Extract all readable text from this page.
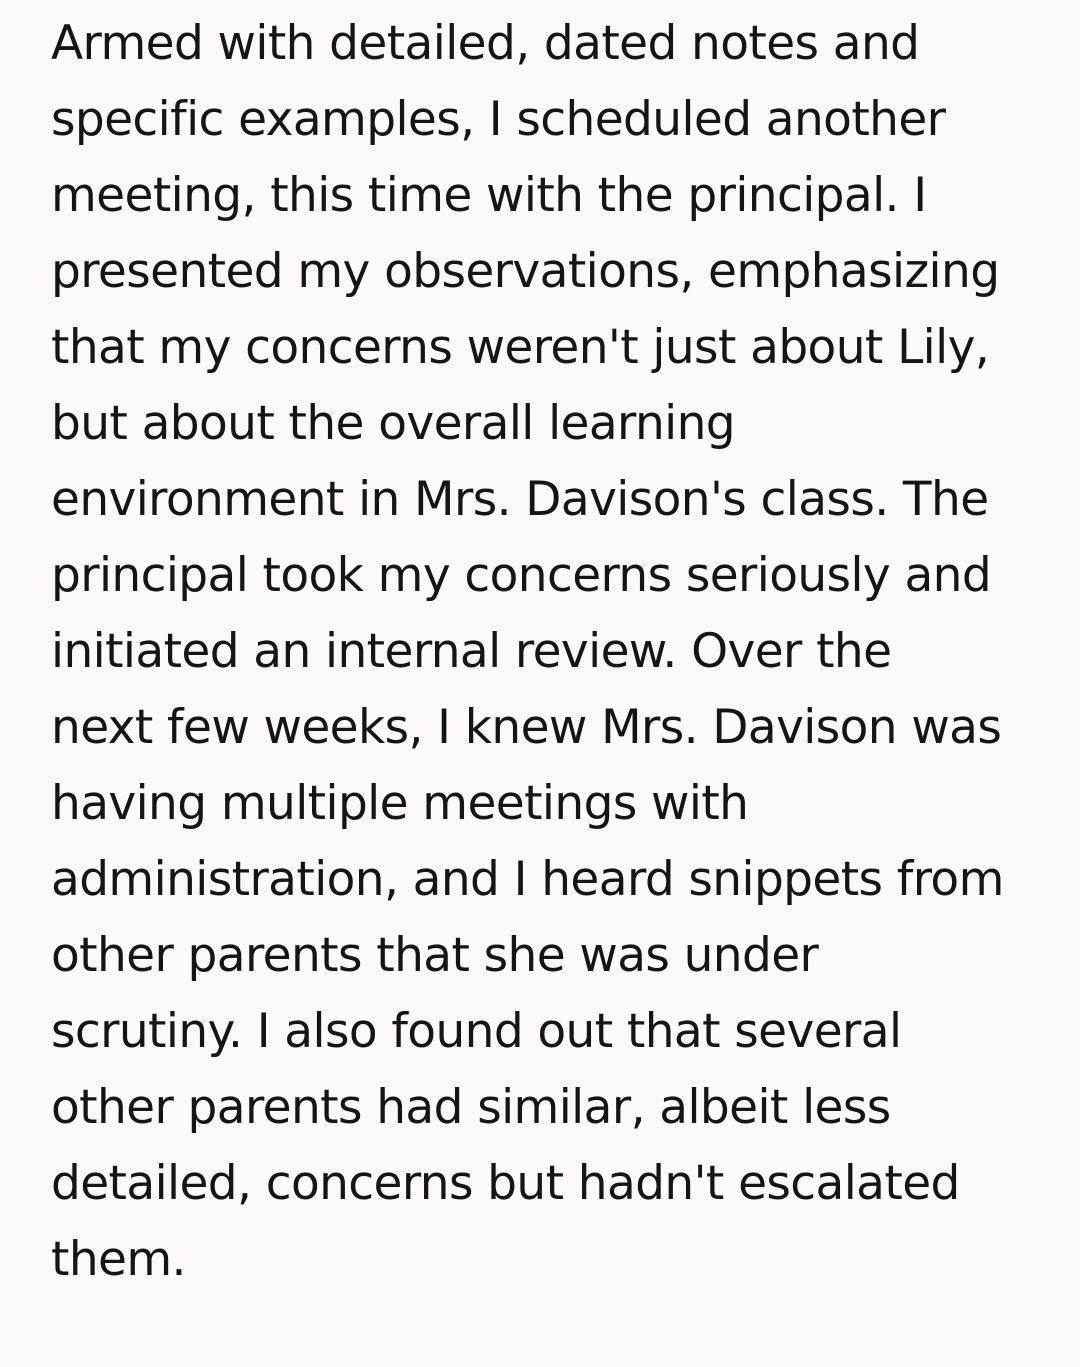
Armed with detailed, dated notes and
specific examples, I scheduled another
meeting, this time with the principal. I
presented my observations, emphasizing
that my concerns weren't just about Lily,
but about the overall learning
environment in Mrs. Davison's class. The
principal took my concerns seriously and
initiated an internal review. Over the
next few weeks, I knew Mrs. Davison was
having multiple meetings with
administration, and I heard snippets from
other parents that she was under
scrutiny. I also found out that several
other parents had similar, albeit less
detailed, concerns but hadn't escalated
them.
